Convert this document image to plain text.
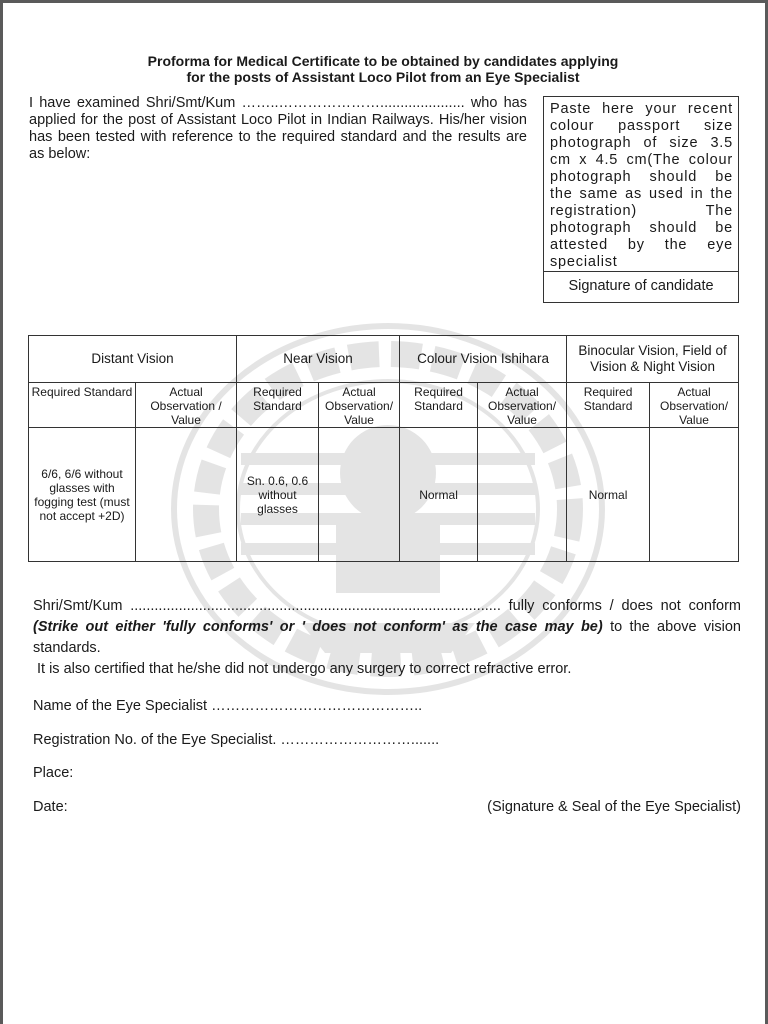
Proforma for Medical Certificate to be obtained by candidates applying
for the posts of Assistant Loco Pilot from an Eye Specialist
I have examined Shri/Smt/Kum ……..…………………..................... who has applied for the post of Assistant Loco Pilot in Indian Railways. His/her vision has been tested with reference to the required standard and the results are as below:
Paste here your recent colour passport size photograph of size 3.5 cm x 4.5 cm(The colour photograph should be the same as used in the registration) The photograph should be attested by the eye specialist
Signature of candidate
Distant Vision		Near Vision		Colour Vision Ishihara		Binocular Vision, Field of Vision & Night Vision	
Required Standard	Actual Observation / Value	Required Standard	Actual Observation/ Value	Required Standard	Actual Observation/ Value	Required Standard	Actual Observation/ Value
6/6, 6/6 without glasses with fogging test (must not accept +2D)		Sn. 0.6, 0.6 without glasses		Normal		Normal	
Shri/Smt/Kum ............................................................................................ fully conforms / does not conform (Strike out either 'fully conforms' or ' does not conform' as the case may be) to the above vision standards.
It is also certified that he/she did not undergo any surgery to correct refractive error.
Name of the Eye Specialist ……………………………………..
Registration No. of the Eye Specialist. ……………………….......
Place:
Date:	(Signature & Seal of the Eye Specialist)
